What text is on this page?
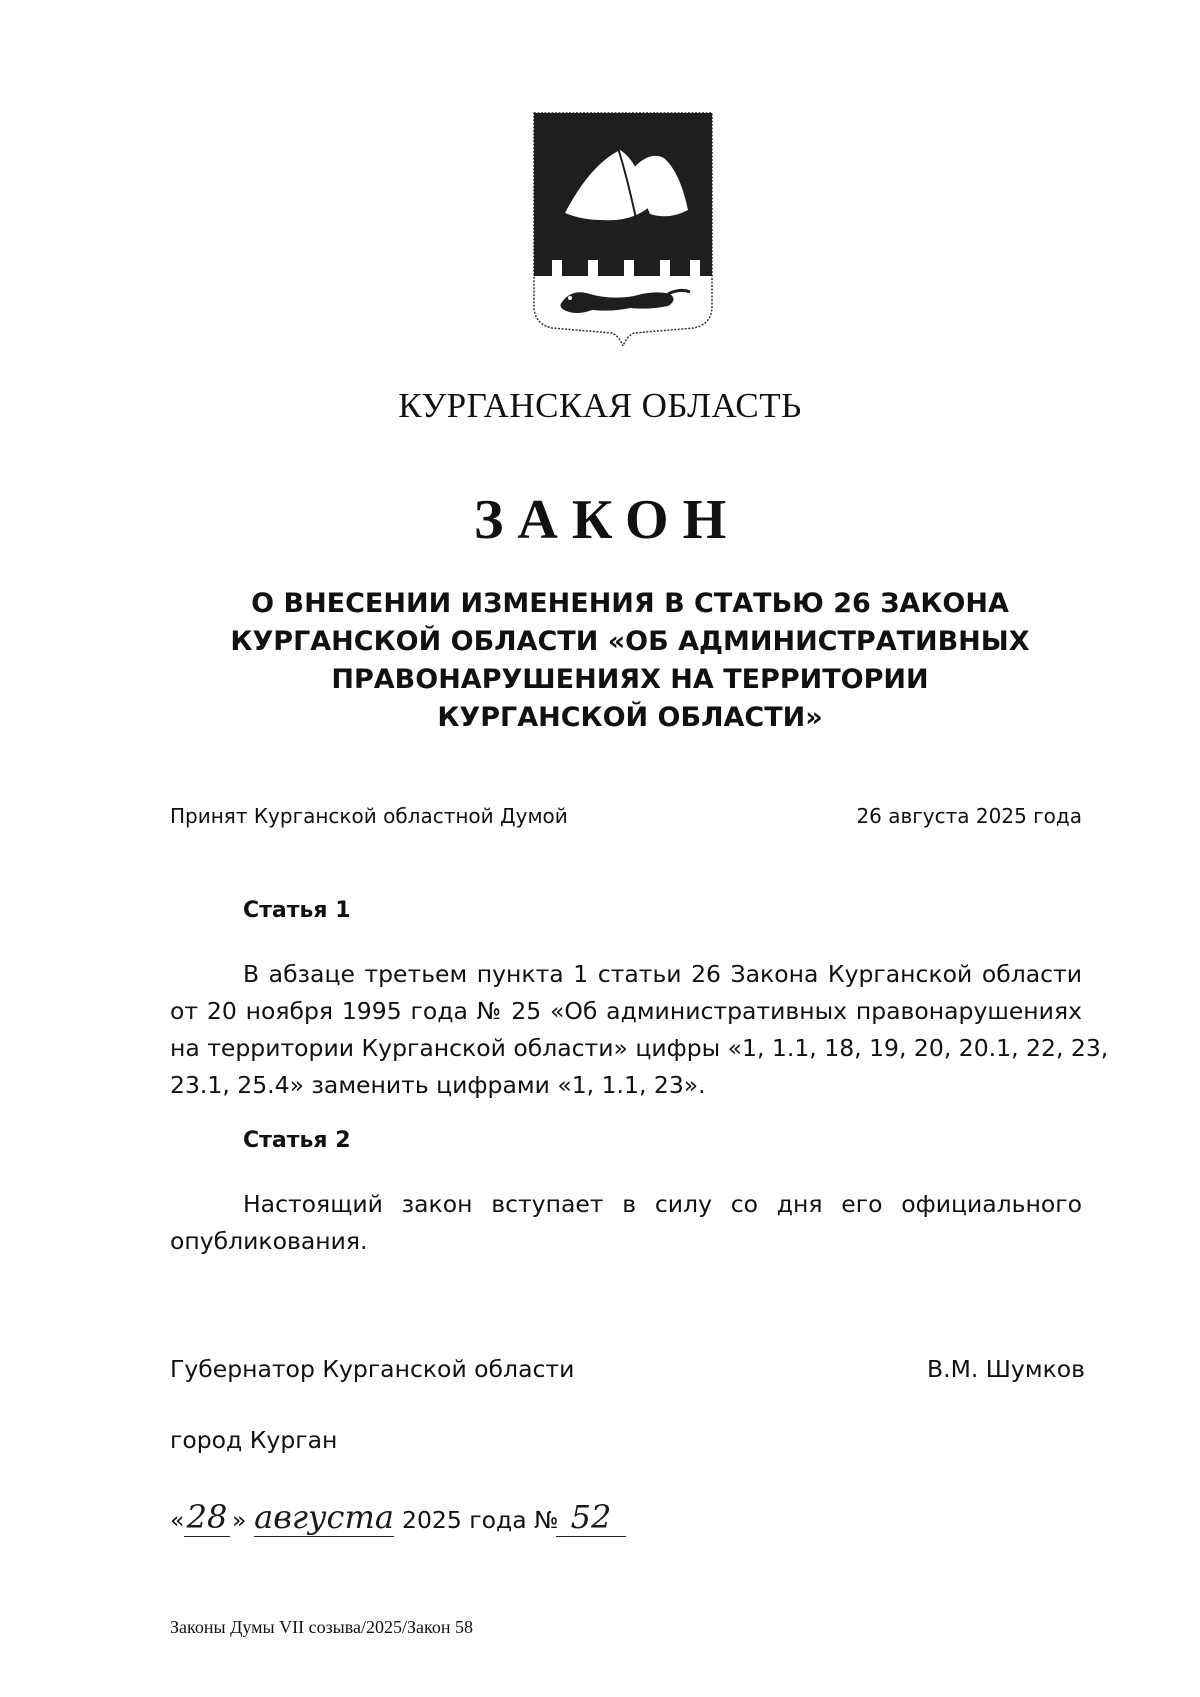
КУРГАНСКАЯ ОБЛАСТЬ
ЗАКОН
О ВНЕСЕНИИ ИЗМЕНЕНИЯ В СТАТЬЮ 26 ЗАКОНА
КУРГАНСКОЙ ОБЛАСТИ «ОБ АДМИНИСТРАТИВНЫХ
ПРАВОНАРУШЕНИЯХ НА ТЕРРИТОРИИ
КУРГАНСКОЙ ОБЛАСТИ»
Принят Курганской областной Думой	26 августа 2025 года
Статья 1
В абзаце третьем пункта 1 статьи 26 Закона Курганской области
от 20 ноября 1995 года № 25 «Об административных правонарушениях
на территории Курганской области» цифры «1, 1.1, 18, 19, 20, 20.1, 22, 23,
23.1, 25.4» заменить цифрами «1, 1.1, 23».
Статья 2
Настоящий закон вступает в силу со дня его официального
опубликования.
Губернатор Курганской области	В.М. Шумков
город Курган
« 28 » августа 2025 года № 52
Законы Думы VII созыва/2025/Закон 58
